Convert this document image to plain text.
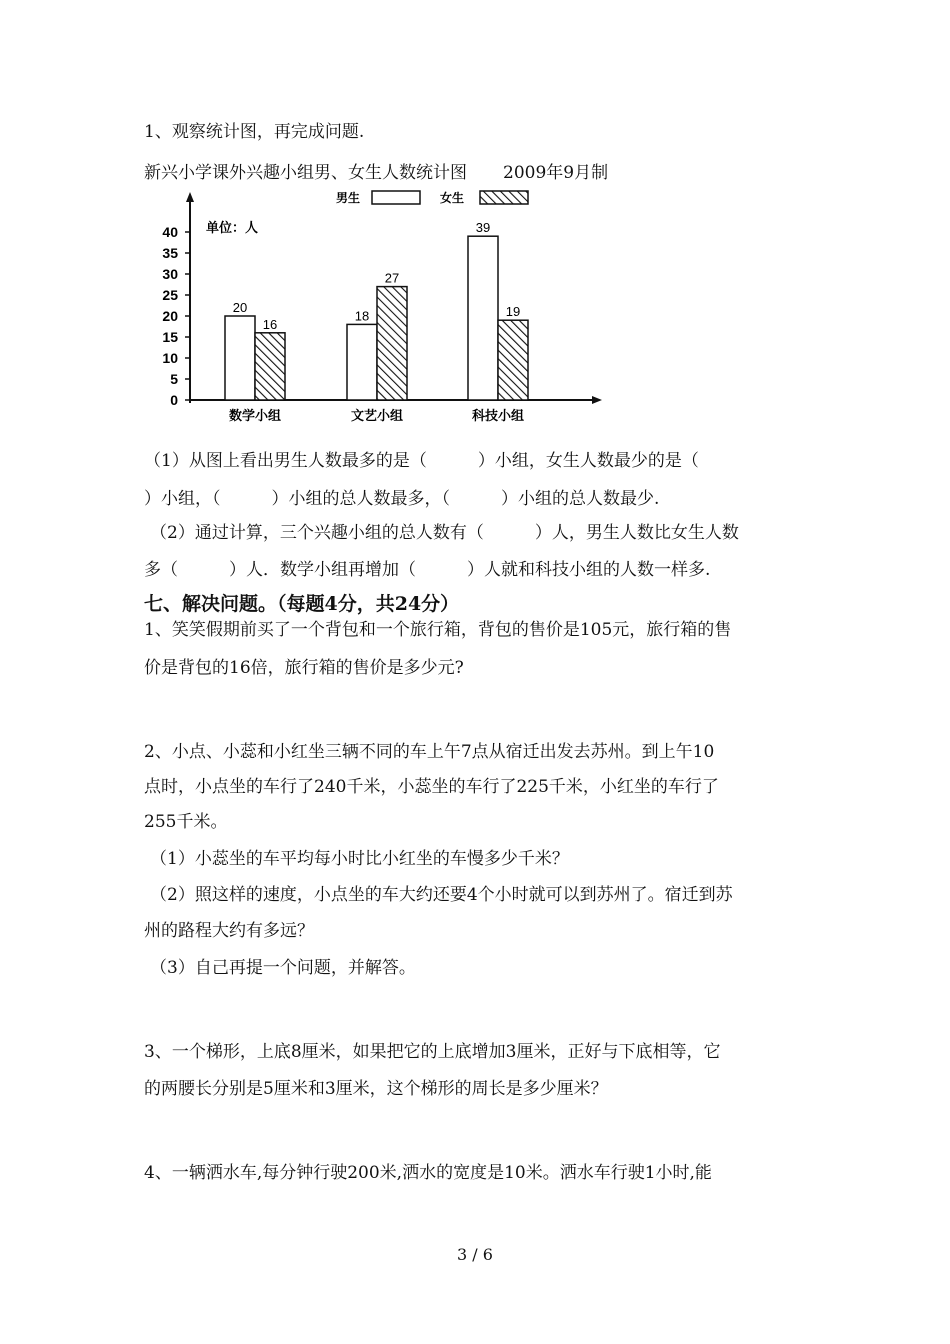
1、观察统计图，再完成问题.
新兴小学课外兴趣小组男、女生人数统计图 2009年9月制
男生	女生
单位：人
0
5
10
15
20
25
30
35
40
20
16
18
27
39
19
数学小组	文艺小组	科技小组
（1）从图上看出男生人数最多的是（　　　）小组，女生人数最少的是（
）小组，（　　　）小组的总人数最多，（　　　）小组的总人数最少.
（2）通过计算，三个兴趣小组的总人数有（　　　）人，男生人数比女生人数
多（　　　）人．数学小组再增加（　　　）人就和科技小组的人数一样多.
七、解决问题。（每题4分，共24分）
1、笑笑假期前买了一个背包和一个旅行箱，背包的售价是105元，旅行箱的售
价是背包的16倍，旅行箱的售价是多少元?
2、小点、小蕊和小红坐三辆不同的车上午7点从宿迁出发去苏州。到上午10
点时，小点坐的车行了240千米，小蕊坐的车行了225千米，小红坐的车行了
255千米。
（1）小蕊坐的车平均每小时比小红坐的车慢多少千米？
（2）照这样的速度，小点坐的车大约还要4个小时就可以到苏州了。宿迁到苏
州的路程大约有多远？
（3）自己再提一个问题，并解答。
3、一个梯形，上底8厘米，如果把它的上底增加3厘米，正好与下底相等，它
的两腰长分别是5厘米和3厘米，这个梯形的周长是多少厘米？
4、一辆洒水车,每分钟行驶200米,洒水的宽度是10米。洒水车行驶1小时,能
3 / 6
